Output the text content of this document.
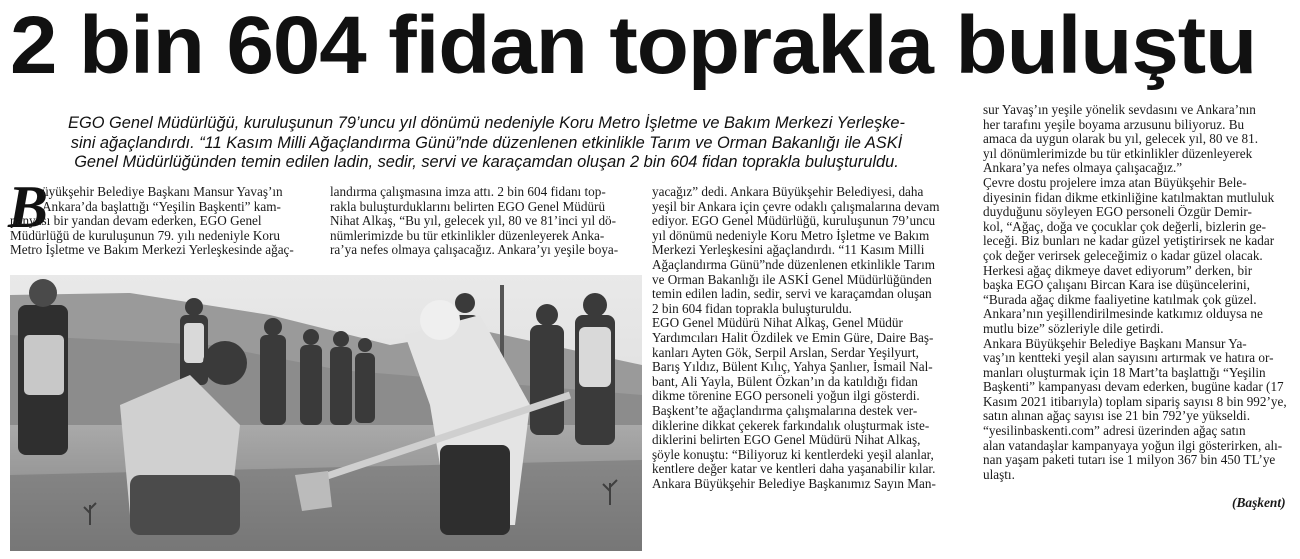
2 bin 604 fidan toprakla buluştu
EGO Genel Müdürlüğü, kuruluşunun 79’uncu yıl dönümü nedeniyle Koru Metro İşletme ve Bakım Merkezi Yerleşke-
sini ağaçlandırdı. “11 Kasım Milli Ağaçlandırma Günü”nde düzenlenen etkinlikle Tarım ve Orman Bakanlığı ile ASKİ
Genel Müdürlüğünden temin edilen ladin, sedir, servi ve karaçamdan oluşan 2 bin 604 fidan toprakla buluşturuldu.
B
üyükşehir Belediye Başkanı Mansur Yavaş’ın
Ankara’da başlattığı “Yeşilin Başkenti” kam-
panyası bir yandan devam ederken, EGO Genel
Müdürlüğü de kuruluşunun 79. yılı nedeniyle Koru
Metro İşletme ve Bakım Merkezi Yerleşkesinde ağaç-
landırma çalışmasına imza attı. 2 bin 604 fidanı top-
rakla buluşturduklarını belirten EGO Genel Müdürü
Nihat Alkaş, “Bu yıl, gelecek yıl, 80 ve 81’inci yıl dö-
nümlerimizde bu tür etkinlikler düzenleyerek Anka-
ra’ya nefes olmaya çalışacağız. Ankara’yı yeşile boya-
yacağız” dedi. Ankara Büyükşehir Belediyesi, daha
yeşil bir Ankara için çevre odaklı çalışmalarına devam
ediyor. EGO Genel Müdürlüğü, kuruluşunun 79’uncu
yıl dönümü nedeniyle Koru Metro İşletme ve Bakım
Merkezi Yerleşkesini ağaçlandırdı. “11 Kasım Milli
Ağaçlandırma Günü”nde düzenlenen etkinlikle Tarım
ve Orman Bakanlığı ile ASKİ Genel Müdürlüğünden
temin edilen ladin, sedir, servi ve karaçamdan oluşan
2 bin 604 fidan toprakla buluşturuldu.
EGO Genel Müdürü Nihat Alkaş, Genel Müdür
Yardımcıları Halit Özdilek ve Emin Güre, Daire Baş-
kanları Ayten Gök, Serpil Arslan, Serdar Yeşilyurt,
Barış Yıldız, Bülent Kılıç, Yahya Şanlıer, İsmail Nal-
bant, Ali Yayla, Bülent Özkan’ın da katıldığı fidan
dikme törenine EGO personeli yoğun ilgi gösterdi.
Başkent’te ağaçlandırma çalışmalarına destek ver-
diklerine dikkat çekerek farkındalık oluşturmak iste-
diklerini belirten EGO Genel Müdürü Nihat Alkaş,
şöyle konuştu: “Biliyoruz ki kentlerdeki yeşil alanlar,
kentlere değer katar ve kentleri daha yaşanabilir kılar.
Ankara Büyükşehir Belediye Başkanımız Sayın Man-
sur Yavaş’ın yeşile yönelik sevdasını ve Ankara’nın
her tarafını yeşile boyama arzusunu biliyoruz. Bu
amaca da uygun olarak bu yıl, gelecek yıl, 80 ve 81.
yıl dönümlerimizde bu tür etkinlikler düzenleyerek
Ankara’ya nefes olmaya çalışacağız.”
Çevre dostu projelere imza atan Büyükşehir Bele-
diyesinin fidan dikme etkinliğine katılmaktan mutluluk
duyduğunu söyleyen EGO personeli Özgür Demir-
kol, “Ağaç, doğa ve çocuklar çok değerli, bizlerin ge-
leceği. Biz bunları ne kadar güzel yetiştirirsek ne kadar
çok değer verirsek geleceğimiz o kadar güzel olacak.
Herkesi ağaç dikmeye davet ediyorum” derken, bir
başka EGO çalışanı Bircan Kara ise düşüncelerini,
“Burada ağaç dikme faaliyetine katılmak çok güzel.
Ankara’nın yeşillendirilmesinde katkımız olduysa ne
mutlu bize” sözleriyle dile getirdi.
Ankara Büyükşehir Belediye Başkanı Mansur Ya-
vaş’ın kentteki yeşil alan sayısını artırmak ve hatıra or-
manları oluşturmak için 18 Mart’ta başlattığı “Yeşilin
Başkenti” kampanyası devam ederken, bugüne kadar (17
Kasım 2021 itibarıyla) toplam sipariş sayısı 8 bin 992’ye,
satın alınan ağaç sayısı ise 21 bin 792’ye yükseldi.
“yesilinbaskenti.com” adresi üzerinden ağaç satın
alan vatandaşlar kampanyaya yoğun ilgi gösterirken, alı-
nan yaşam paketi tutarı ise 1 milyon 367 bin 450 TL’ye
ulaştı.
(Başkent)
